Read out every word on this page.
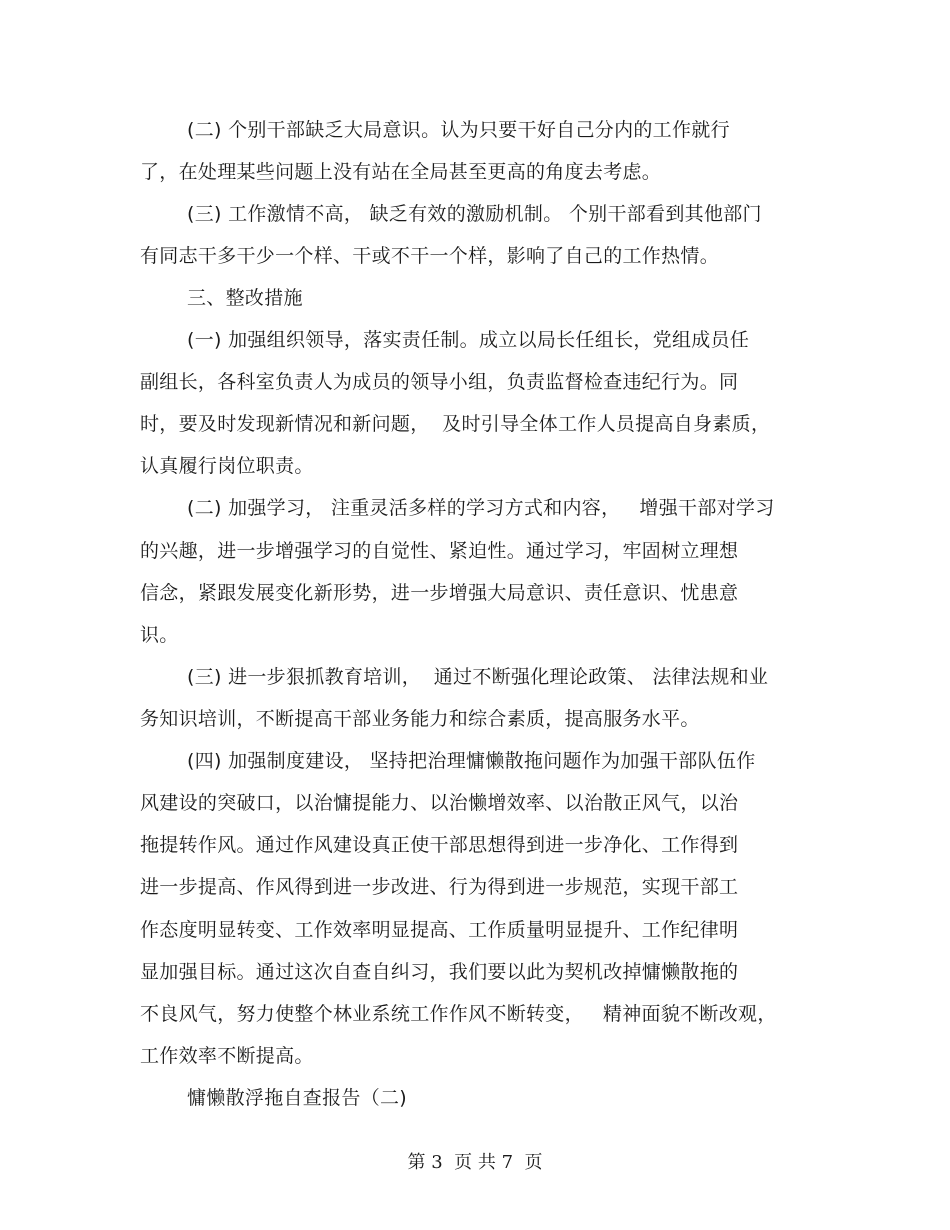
(二) 个别干部缺乏大局意识。认为只要干好自己分内的工作就行
了，在处理某些问题上没有站在全局甚至更高的角度去考虑。
(三) 工作激情不高， 缺乏有效的激励机制。 个别干部看到其他部门
有同志干多干少一个样、干或不干一个样，影响了自己的工作热情。
三、整改措施
(一) 加强组织领导，落实责任制。成立以局长任组长，党组成员任
副组长，各科室负责人为成员的领导小组，负责监督检查违纪行为。同
时，要及时发现新情况和新问题，  及时引导全体工作人员提高自身素质，
认真履行岗位职责。
(二) 加强学习， 注重灵活多样的学习方式和内容，   增强干部对学习
的兴趣，进一步增强学习的自觉性、紧迫性。通过学习，牢固树立理想
信念，紧跟发展变化新形势，进一步增强大局意识、责任意识、忧患意
识。
(三) 进一步狠抓教育培训，  通过不断强化理论政策、 法律法规和业
务知识培训，不断提高干部业务能力和综合素质，提高服务水平。
(四) 加强制度建设， 坚持把治理慵懒散拖问题作为加强干部队伍作
风建设的突破口，以治慵提能力、以治懒增效率、以治散正风气，以治
拖提转作风。通过作风建设真正使干部思想得到进一步净化、工作得到
进一步提高、作风得到进一步改进、行为得到进一步规范，实现干部工
作态度明显转变、工作效率明显提高、工作质量明显提升、工作纪律明
显加强目标。通过这次自查自纠习，我们要以此为契机改掉慵懒散拖的
不良风气，努力使整个林业系统工作作风不断转变，   精神面貌不断改观，
工作效率不断提高。
慵懒散浮拖自查报告（二)
第 3  页 共 7  页
